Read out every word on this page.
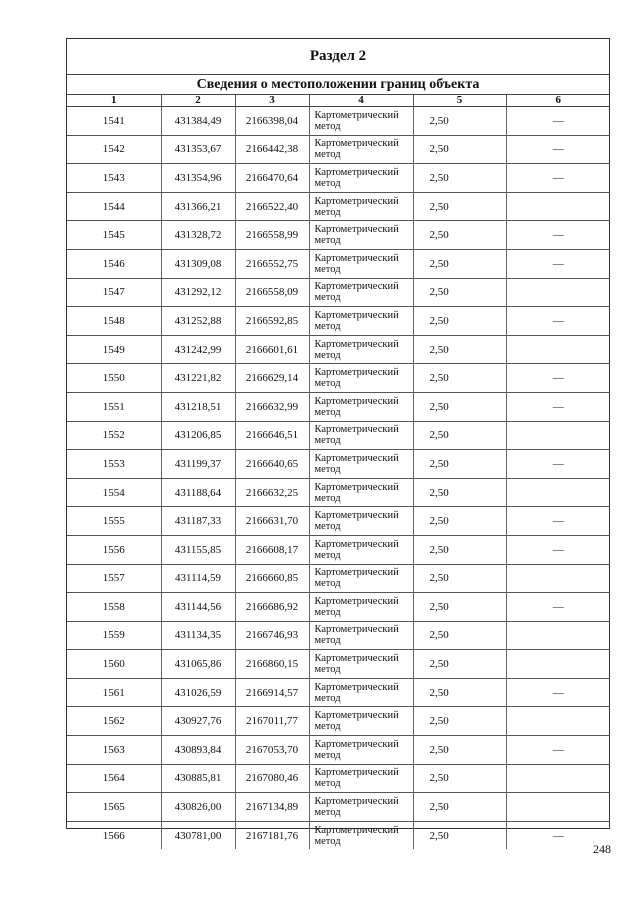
Раздел 2
Сведения о местоположении границ объекта
1	2	3	4	5	6
1541	431384,49	2166398,04	Картометрический
метод	2,50	—
1542	431353,67	2166442,38	Картометрический
метод	2,50	—
1543	431354,96	2166470,64	Картометрический
метод	2,50	—
1544	431366,21	2166522,40	Картометрический
метод	2,50	
1545	431328,72	2166558,99	Картометрический
метод	2,50	—
1546	431309,08	2166552,75	Картометрический
метод	2,50	—
1547	431292,12	2166558,09	Картометрический
метод	2,50	
1548	431252,88	2166592,85	Картометрический
метод	2,50	—
1549	431242,99	2166601,61	Картометрический
метод	2,50	
1550	431221,82	2166629,14	Картометрический
метод	2,50	—
1551	431218,51	2166632,99	Картометрический
метод	2,50	—
1552	431206,85	2166646,51	Картометрический
метод	2,50	
1553	431199,37	2166640,65	Картометрический
метод	2,50	—
1554	431188,64	2166632,25	Картометрический
метод	2,50	
1555	431187,33	2166631,70	Картометрический
метод	2,50	—
1556	431155,85	2166608,17	Картометрический
метод	2,50	—
1557	431114,59	2166660,85	Картометрический
метод	2,50	
1558	431144,56	2166686,92	Картометрический
метод	2,50	—
1559	431134,35	2166746,93	Картометрический
метод	2,50	
1560	431065,86	2166860,15	Картометрический
метод	2,50	
1561	431026,59	2166914,57	Картометрический
метод	2,50	—
1562	430927,76	2167011,77	Картометрический
метод	2,50	
1563	430893,84	2167053,70	Картометрический
метод	2,50	—
1564	430885,81	2167080,46	Картометрический
метод	2,50	
1565	430826,00	2167134,89	Картометрический
метод	2,50	
1566	430781,00	2167181,76	Картометрический
метод	2,50	—
248
